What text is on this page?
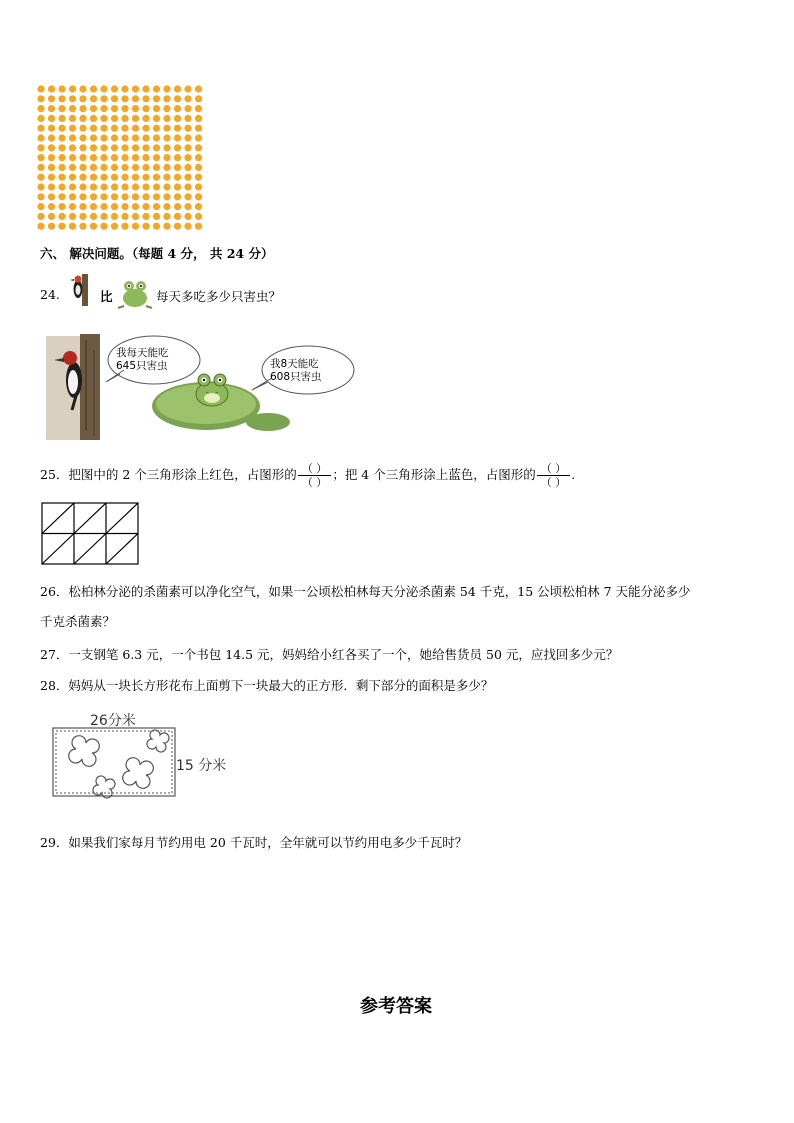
六、 解决问题。（每题 4 分， 共 24 分）
24.	比	每天多吃多少只害虫？
我每天能吃
645只害虫	我8天能吃
608只害虫
25．把图中的 2 个三角形涂上红色，占图形的 $\frac{( )}{( )}$ ；把 4 个三角形涂上蓝色，占图形的 $\frac{( )}{( )}$ .
26．松柏林分泌的杀菌素可以净化空气，如果一公顷松柏林每天分泌杀菌素 54 千克，15 公顷松柏林 7 天能分泌多少
千克杀菌素？
27．一支钢笔 6.3 元，一个书包 14.5 元，妈妈给小红各买了一个，她给售货员 50 元，应找回多少元？
28．妈妈从一块长方形花布上面剪下一块最大的正方形．剩下部分的面积是多少？
26分米
15 分米
29．如果我们家每月节约用电 20 千瓦时，全年就可以节约用电多少千瓦时？
参考答案
